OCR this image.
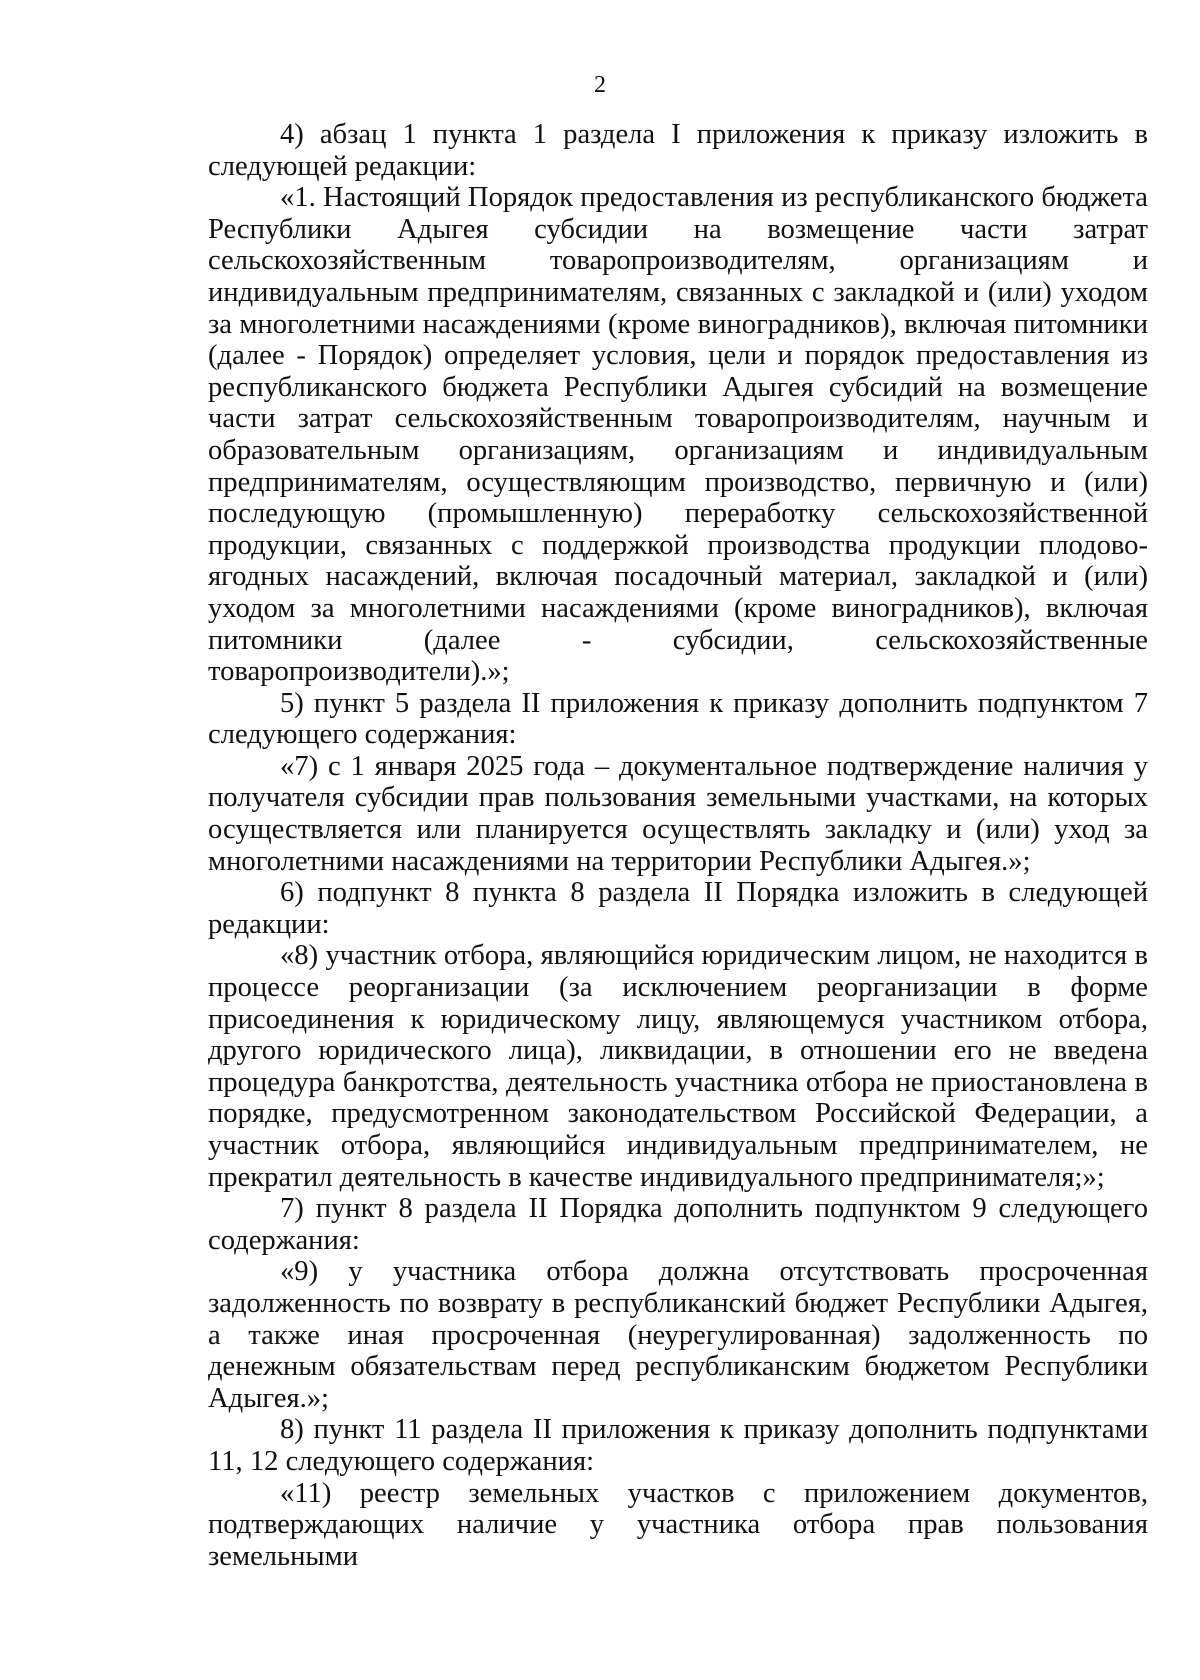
2

4) абзац 1 пункта 1 раздела I приложения к приказу изложить в следующей редакции:

«1. Настоящий Порядок предоставления из республиканского бюджета Республики Адыгея субсидии на возмещение части затрат сельскохозяйственным товаропроизводителям, организациям и индивидуальным предпринимателям, связанных с закладкой и (или) уходом за многолетними насаждениями (кроме виноградников), включая питомники (далее - Порядок) определяет условия, цели и порядок предоставления из республиканского бюджета Республики Адыгея субсидий на возмещение части затрат сельскохозяйственным товаропроизводителям, научным и образовательным организациям, организациям и индивидуальным предпринимателям, осуществляющим производство, первичную и (или) последующую (промышленную) переработку сельскохозяйственной продукции, связанных с поддержкой производства продукции плодово-ягодных насаждений, включая посадочный материал, закладкой и (или) уходом за многолетними насаждениями (кроме виноградников), включая питомники (далее - субсидии, сельскохозяйственные товаропроизводители).»;

5) пункт 5 раздела II приложения к приказу дополнить подпунктом 7 следующего содержания:

«7) с 1 января 2025 года – документальное подтверждение наличия у получателя субсидии прав пользования земельными участками, на которых осуществляется или планируется осуществлять закладку и (или) уход за многолетними насаждениями на территории Республики Адыгея.»;

6) подпункт 8 пункта 8 раздела II Порядка изложить в следующей редакции:

«8) участник отбора, являющийся юридическим лицом, не находится в процессе реорганизации (за исключением реорганизации в форме присоединения к юридическому лицу, являющемуся участником отбора, другого юридического лица), ликвидации, в отношении его не введена процедура банкротства, деятельность участника отбора не приостановлена в порядке, предусмотренном законодательством Российской Федерации, а участник отбора, являющийся индивидуальным предпринимателем, не прекратил деятельность в качестве индивидуального предпринимателя;»;

7) пункт 8 раздела II Порядка дополнить подпунктом 9 следующего содержания:

«9) у участника отбора должна отсутствовать просроченная задолженность по возврату в республиканский бюджет Республики Адыгея, а также иная просроченная (неурегулированная) задолженность по денежным обязательствам перед республиканским бюджетом Республики Адыгея.»;

8) пункт 11 раздела II приложения к приказу дополнить подпунктами 11, 12 следующего содержания:

«11) реестр земельных участков с приложением документов, подтверждающих наличие у участника отбора прав пользования земельными
